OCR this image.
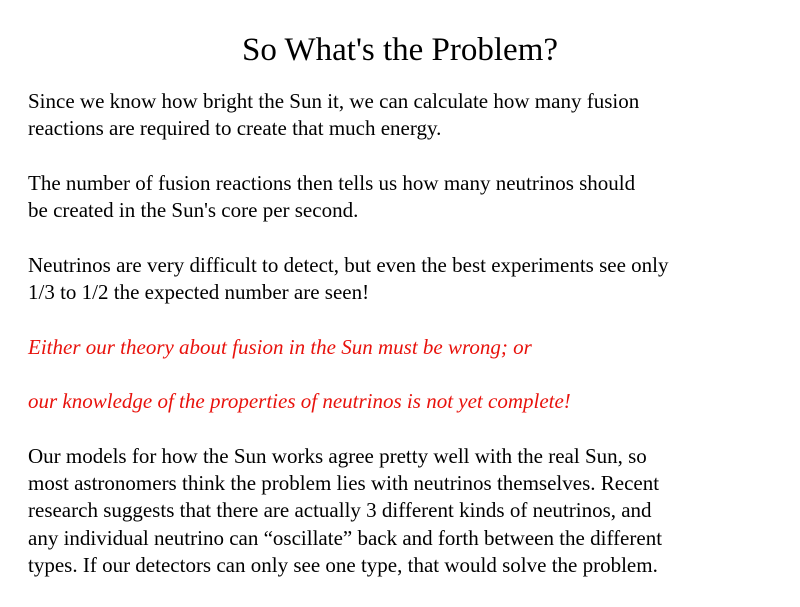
So What's the Problem?
Since we know how bright the Sun it, we can calculate how many fusion
reactions are required to create that much energy.
The number of fusion reactions then tells us how many neutrinos should
be created in the Sun's core per second.
Neutrinos are very difficult to detect, but even the best experiments see only
1/3 to 1/2 the expected number are seen!
Either our theory about fusion in the Sun must be wrong; or
our knowledge of the properties of neutrinos is not yet complete!
Our models for how the Sun works agree pretty well with the real Sun, so
most astronomers think the problem lies with neutrinos themselves. Recent
research suggests that there are actually 3 different kinds of neutrinos, and
any individual neutrino can “oscillate” back and forth between the different
types. If our detectors can only see one type, that would solve the problem.
